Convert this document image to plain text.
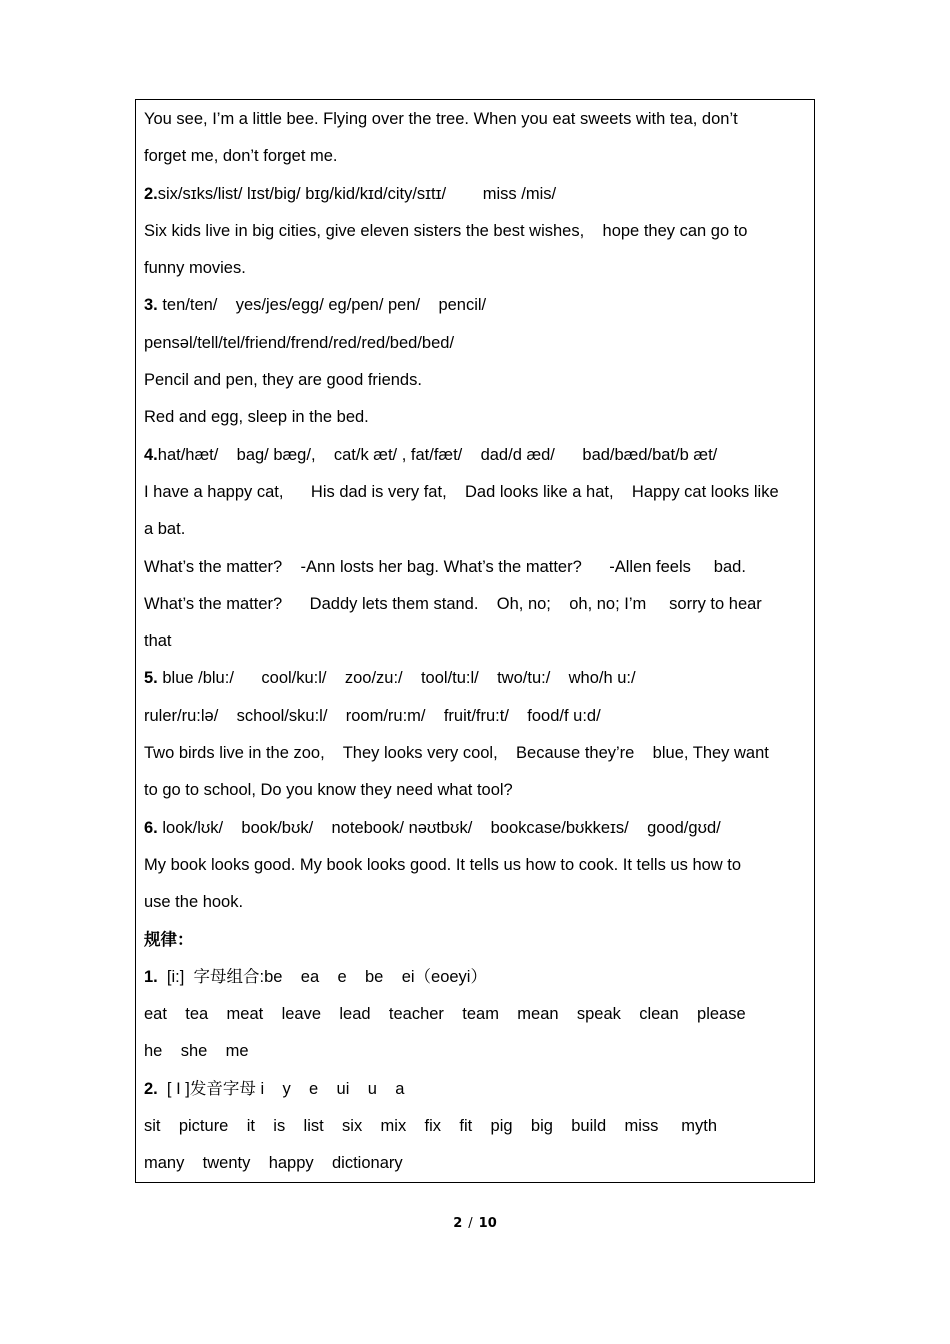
You see, I’m a little bee. Flying over the tree. When you eat sweets with tea, don’t
forget me, don’t forget me.
2.six/sɪks/list/ lɪst/big/ bɪɡ/kid/kɪd/city/sɪtɪ/        miss /mis/
Six kids live in big cities, give eleven sisters the best wishes,    hope they can go to
funny movies.
3. ten/ten/    yes/jes/egg/ eg/pen/ pen/    pencil/
pensəl/tell/tel/friend/frend/red/red/bed/bed/
Pencil and pen, they are good friends.
Red and egg, sleep in the bed.
4.hat/hæt/    bag/ bæg/,    cat/k æt/ , fat/fæt/    dad/d æd/      bad/bæd/bat/b æt/
I have a happy cat,      His dad is very fat,    Dad looks like a hat,    Happy cat looks like
a bat.
What’s the matter?    -Ann losts her bag. What’s the matter?      -Allen feels     bad.
What’s the matter?      Daddy lets them stand.    Oh, no;    oh, no; I’m     sorry to hear
that
5. blue /blu:/      cool/ku:l/    zoo/zu:/    tool/tu:l/    two/tu:/    who/h u:/
ruler/ru:lə/    school/sku:l/    room/ru:m/    fruit/fru:t/    food/f u:d/
Two birds live in the zoo,    They looks very cool,    Because they’re    blue, They want
to go to school, Do you know they need what tool?
6. look/lʊk/    book/bʊk/    notebook/ nəʊtbʊk/    bookcase/bʊkkeɪs/    good/gʊd/
My book looks good. My book looks good. It tells us how to cook. It tells us how to
use the hook.
规律：
1.  [i:]  字母组合:be    ea    e    be    ei（eoeyi）
eat    tea    meat    leave    lead    teacher    team    mean    speak    clean    please
he    she    me
2.  [ I ]发音字母 i    y    e    ui    u    a
sit    picture    it    is    list    six    mix    fix    fit    pig    big    build    miss     myth
many    twenty    happy    dictionary
2 / 10
